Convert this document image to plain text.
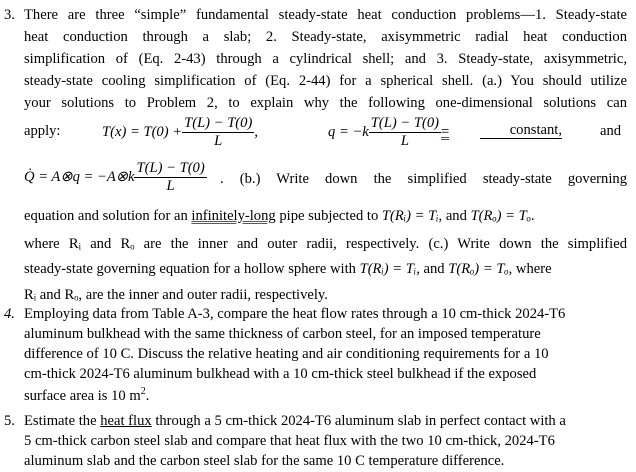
3. There are three “simple” fundamental steady-state heat conduction problems—1. Steady-state
heat conduction through a slab; 2. Steady-state, axisymmetric radial heat conduction
simplification of (Eq. 2-43) through a cylindrical shell; and 3. Steady-state, axisymmetric,
steady-state cooling simplification of (Eq. 2-44) for a spherical shell. (a.) You should utilize
your solutions to Problem 2, to explain why the following one-dimensional solutions can
apply:	$T(x) = T(0) + \frac{T(L) - T(0)}{L}$ ,	$q = -k \frac{T(L) - T(0)}{L}$ =	constant,	and
Q̇ = A⊗q = −A⊗k $\frac{T(L) - T(0)}{L}$ . (b.) Write down the simplified steady-state governing
equation and solution for an infinitely-long pipe subjected to T(Rᵢ) = Tᵢ, and T(Rₒ) = Tₒ.
where Rᵢ and Rₒ are the inner and outer radii, respectively. (c.) Write down the simplified
steady-state governing equation for a hollow sphere with T(Rᵢ) = Tᵢ, and T(Rₒ) = Tₒ, where
Rᵢ and Rₒ, are the inner and outer radii, respectively.
4. Employing data from Table A-3, compare the heat flow rates through a 10 cm-thick 2024-T6
aluminum bulkhead with the same thickness of carbon steel, for an imposed temperature
difference of 10 C. Discuss the relative heating and air conditioning requirements for a 10
cm-thick 2024-T6 aluminum bulkhead with a 10 cm-thick steel bulkhead if the exposed
surface area is 10 $m^2$.
5. Estimate the heat flux through a 5 cm-thick 2024-T6 aluminum slab in perfect contact with a
5 cm-thick carbon steel slab and compare that heat flux with the two 10 cm-thick, 2024-T6
aluminum slab and the carbon steel slab for the same 10 C temperature difference.
